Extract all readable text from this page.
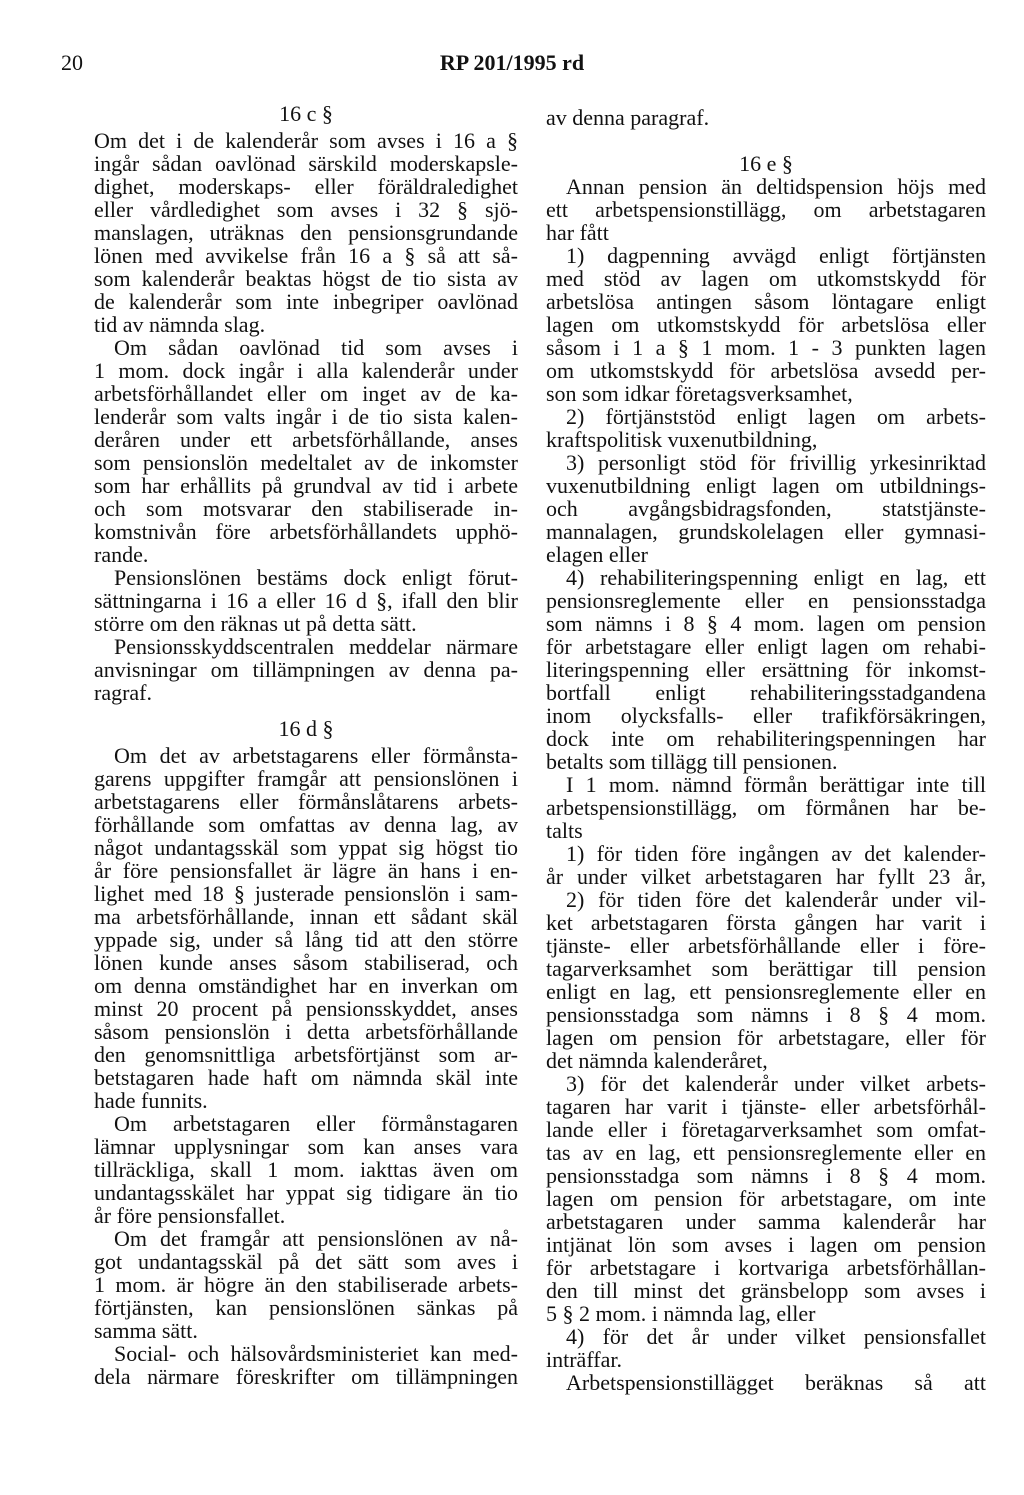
20	RP 201/1995 rd
16 c §
Om det i de kalenderår som avses i 16 a §
ingår sådan oavlönad särskild moderskapsle-
dighet, moderskaps- eller föräldraledighet
eller vårdledighet som avses i 32 § sjö-
manslagen, uträknas den pensionsgrundande
lönen med avvikelse från 16 a § så att så-
som kalenderår beaktas högst de tio sista av
de kalenderår som inte inbegriper oavlönad
tid av nämnda slag.
Om sådan oavlönad tid som avses i
1 mom. dock ingår i alla kalenderår under
arbetsförhållandet eller om inget av de ka-
lenderår som valts ingår i de tio sista kalen-
deråren under ett arbetsförhållande, anses
som pensionslön medeltalet av de inkomster
som har erhållits på grundval av tid i arbete
och som motsvarar den stabiliserade in-
komstnivån före arbetsförhållandets upphö-
rande.
Pensionslönen bestäms dock enligt förut-
sättningarna i 16 a eller 16 d §, ifall den blir
större om den räknas ut på detta sätt.
Pensionsskyddscentralen meddelar närmare
anvisningar om tillämpningen av denna pa-
ragraf.
16 d §
Om det av arbetstagarens eller förmånsta-
garens uppgifter framgår att pensionslönen i
arbetstagarens eller förmånslåtarens arbets-
förhållande som omfattas av denna lag, av
något undantagsskäl som yppat sig högst tio
år före pensionsfallet är lägre än hans i en-
lighet med 18 § justerade pensionslön i sam-
ma arbetsförhållande, innan ett sådant skäl
yppade sig, under så lång tid att den större
lönen kunde anses såsom stabiliserad, och
om denna omständighet har en inverkan om
minst 20 procent på pensionsskyddet, anses
såsom pensionslön i detta arbetsförhållande
den genomsnittliga arbetsförtjänst som ar-
betstagaren hade haft om nämnda skäl inte
hade funnits.
Om arbetstagaren eller förmånstagaren
lämnar upplysningar som kan anses vara
tillräckliga, skall 1 mom. iakttas även om
undantagsskälet har yppat sig tidigare än tio
år före pensionsfallet.
Om det framgår att pensionslönen av nå-
got undantagsskäl på det sätt som aves i
1 mom. är högre än den stabiliserade arbets-
förtjänsten, kan pensionslönen sänkas på
samma sätt.
Social- och hälsovårdsministeriet kan med-
dela närmare föreskrifter om tillämpningen
av denna paragraf.
16 e §
Annan pension än deltidspension höjs med
ett arbetspensionstillägg, om arbetstagaren
har fått
1) dagpenning avvägd enligt förtjänsten
med stöd av lagen om utkomstskydd för
arbetslösa antingen såsom löntagare enligt
lagen om utkomstskydd för arbetslösa eller
såsom i 1 a § 1 mom. 1 - 3 punkten lagen
om utkomstskydd för arbetslösa avsedd per-
son som idkar företagsverksamhet,
2) förtjänststöd enligt lagen om arbets-
kraftspolitisk vuxenutbildning,
3) personligt stöd för frivillig yrkesinriktad
vuxenutbildning enligt lagen om utbildnings-
och avgångsbidragsfonden, statstjänste-
mannalagen, grundskolelagen eller gymnasi-
elagen eller
4) rehabiliteringspenning enligt en lag, ett
pensionsreglemente eller en pensionsstadga
som nämns i 8 § 4 mom. lagen om pension
för arbetstagare eller enligt lagen om rehabi-
literingspenning eller ersättning för inkomst-
bortfall enligt rehabiliteringsstadgandena
inom olycksfalls- eller trafikförsäkringen,
dock inte om rehabiliteringspenningen har
betalts som tillägg till pensionen.
I 1 mom. nämnd förmån berättigar inte till
arbetspensionstillägg, om förmånen har be-
talts
1) för tiden före ingången av det kalender-
år under vilket arbetstagaren har fyllt 23 år,
2) för tiden före det kalenderår under vil-
ket arbetstagaren första gången har varit i
tjänste- eller arbetsförhållande eller i före-
tagarverksamhet som berättigar till pension
enligt en lag, ett pensionsreglemente eller en
pensionsstadga som nämns i 8 § 4 mom.
lagen om pension för arbetstagare, eller för
det nämnda kalenderåret,
3) för det kalenderår under vilket arbets-
tagaren har varit i tjänste- eller arbetsförhål-
lande eller i företagarverksamhet som omfat-
tas av en lag, ett pensionsreglemente eller en
pensionsstadga som nämns i 8 § 4 mom.
lagen om pension för arbetstagare, om inte
arbetstagaren under samma kalenderår har
intjänat lön som avses i lagen om pension
för arbetstagare i kortvariga arbetsförhållan-
den till minst det gränsbelopp som avses i
5 § 2 mom. i nämnda lag, eller
4) för det år under vilket pensionsfallet
inträffar.
Arbetspensionstillägget beräknas så att
